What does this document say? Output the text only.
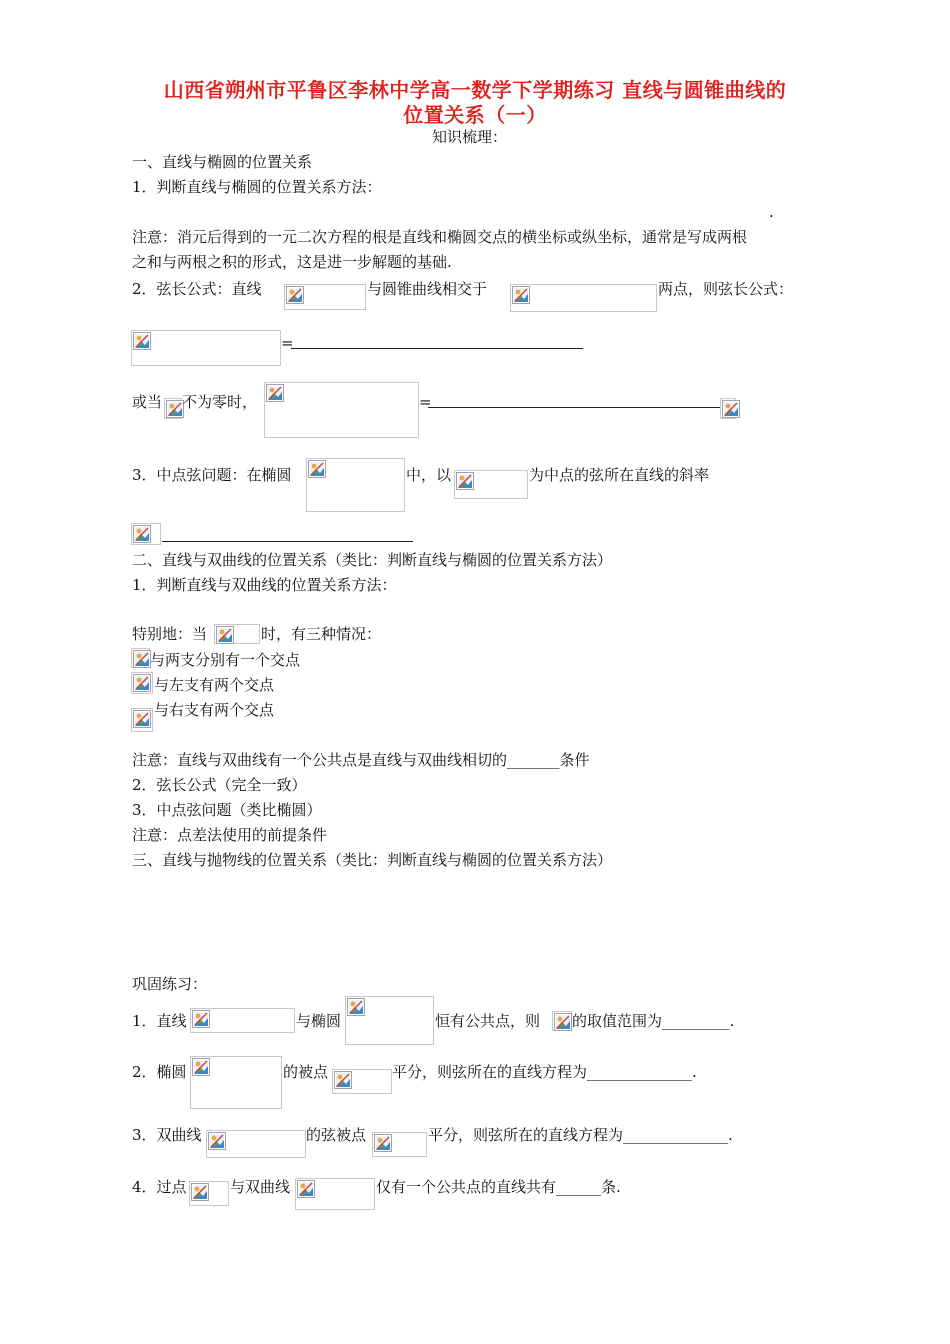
山西省朔州市平鲁区李林中学高一数学下学期练习 直线与圆锥曲线的
位置关系（一）
知识梳理：
一、直线与椭圆的位置关系
1．判断直线与椭圆的位置关系方法：
.
注意：消元后得到的一元二次方程的根是直线和椭圆交点的横坐标或纵坐标，通常是写成两根
之和与两根之积的形式，这是进一步解题的基础.
2．弦长公式：直线	与圆锥曲线相交于	两点，则弦长公式：
=
或当 不为零时，	=
3．中点弦问题：在椭圆	中，以	为中点的弦所在直线的斜率
二、直线与双曲线的位置关系（类比：判断直线与椭圆的位置关系方法）
1．判断直线与双曲线的位置关系方法：
特别地：当	时，有三种情况：
与两支分别有一个交点
与左支有两个交点
与右支有两个交点
注意：直线与双曲线有一个公共点是直线与双曲线相切的_______条件
2．弦长公式（完全一致）
3．中点弦问题（类比椭圆）
注意：点差法使用的前提条件
三、直线与抛物线的位置关系（类比：判断直线与椭圆的位置关系方法）
巩固练习：
1．直线	与椭圆	恒有公共点，则 的取值范围为_________.
2．椭圆	的被点	平分，则弦所在的直线方程为______________.
3．双曲线	的弦被点	平分，则弦所在的直线方程为______________.
4．过点	与双曲线	仅有一个公共点的直线共有______条.
